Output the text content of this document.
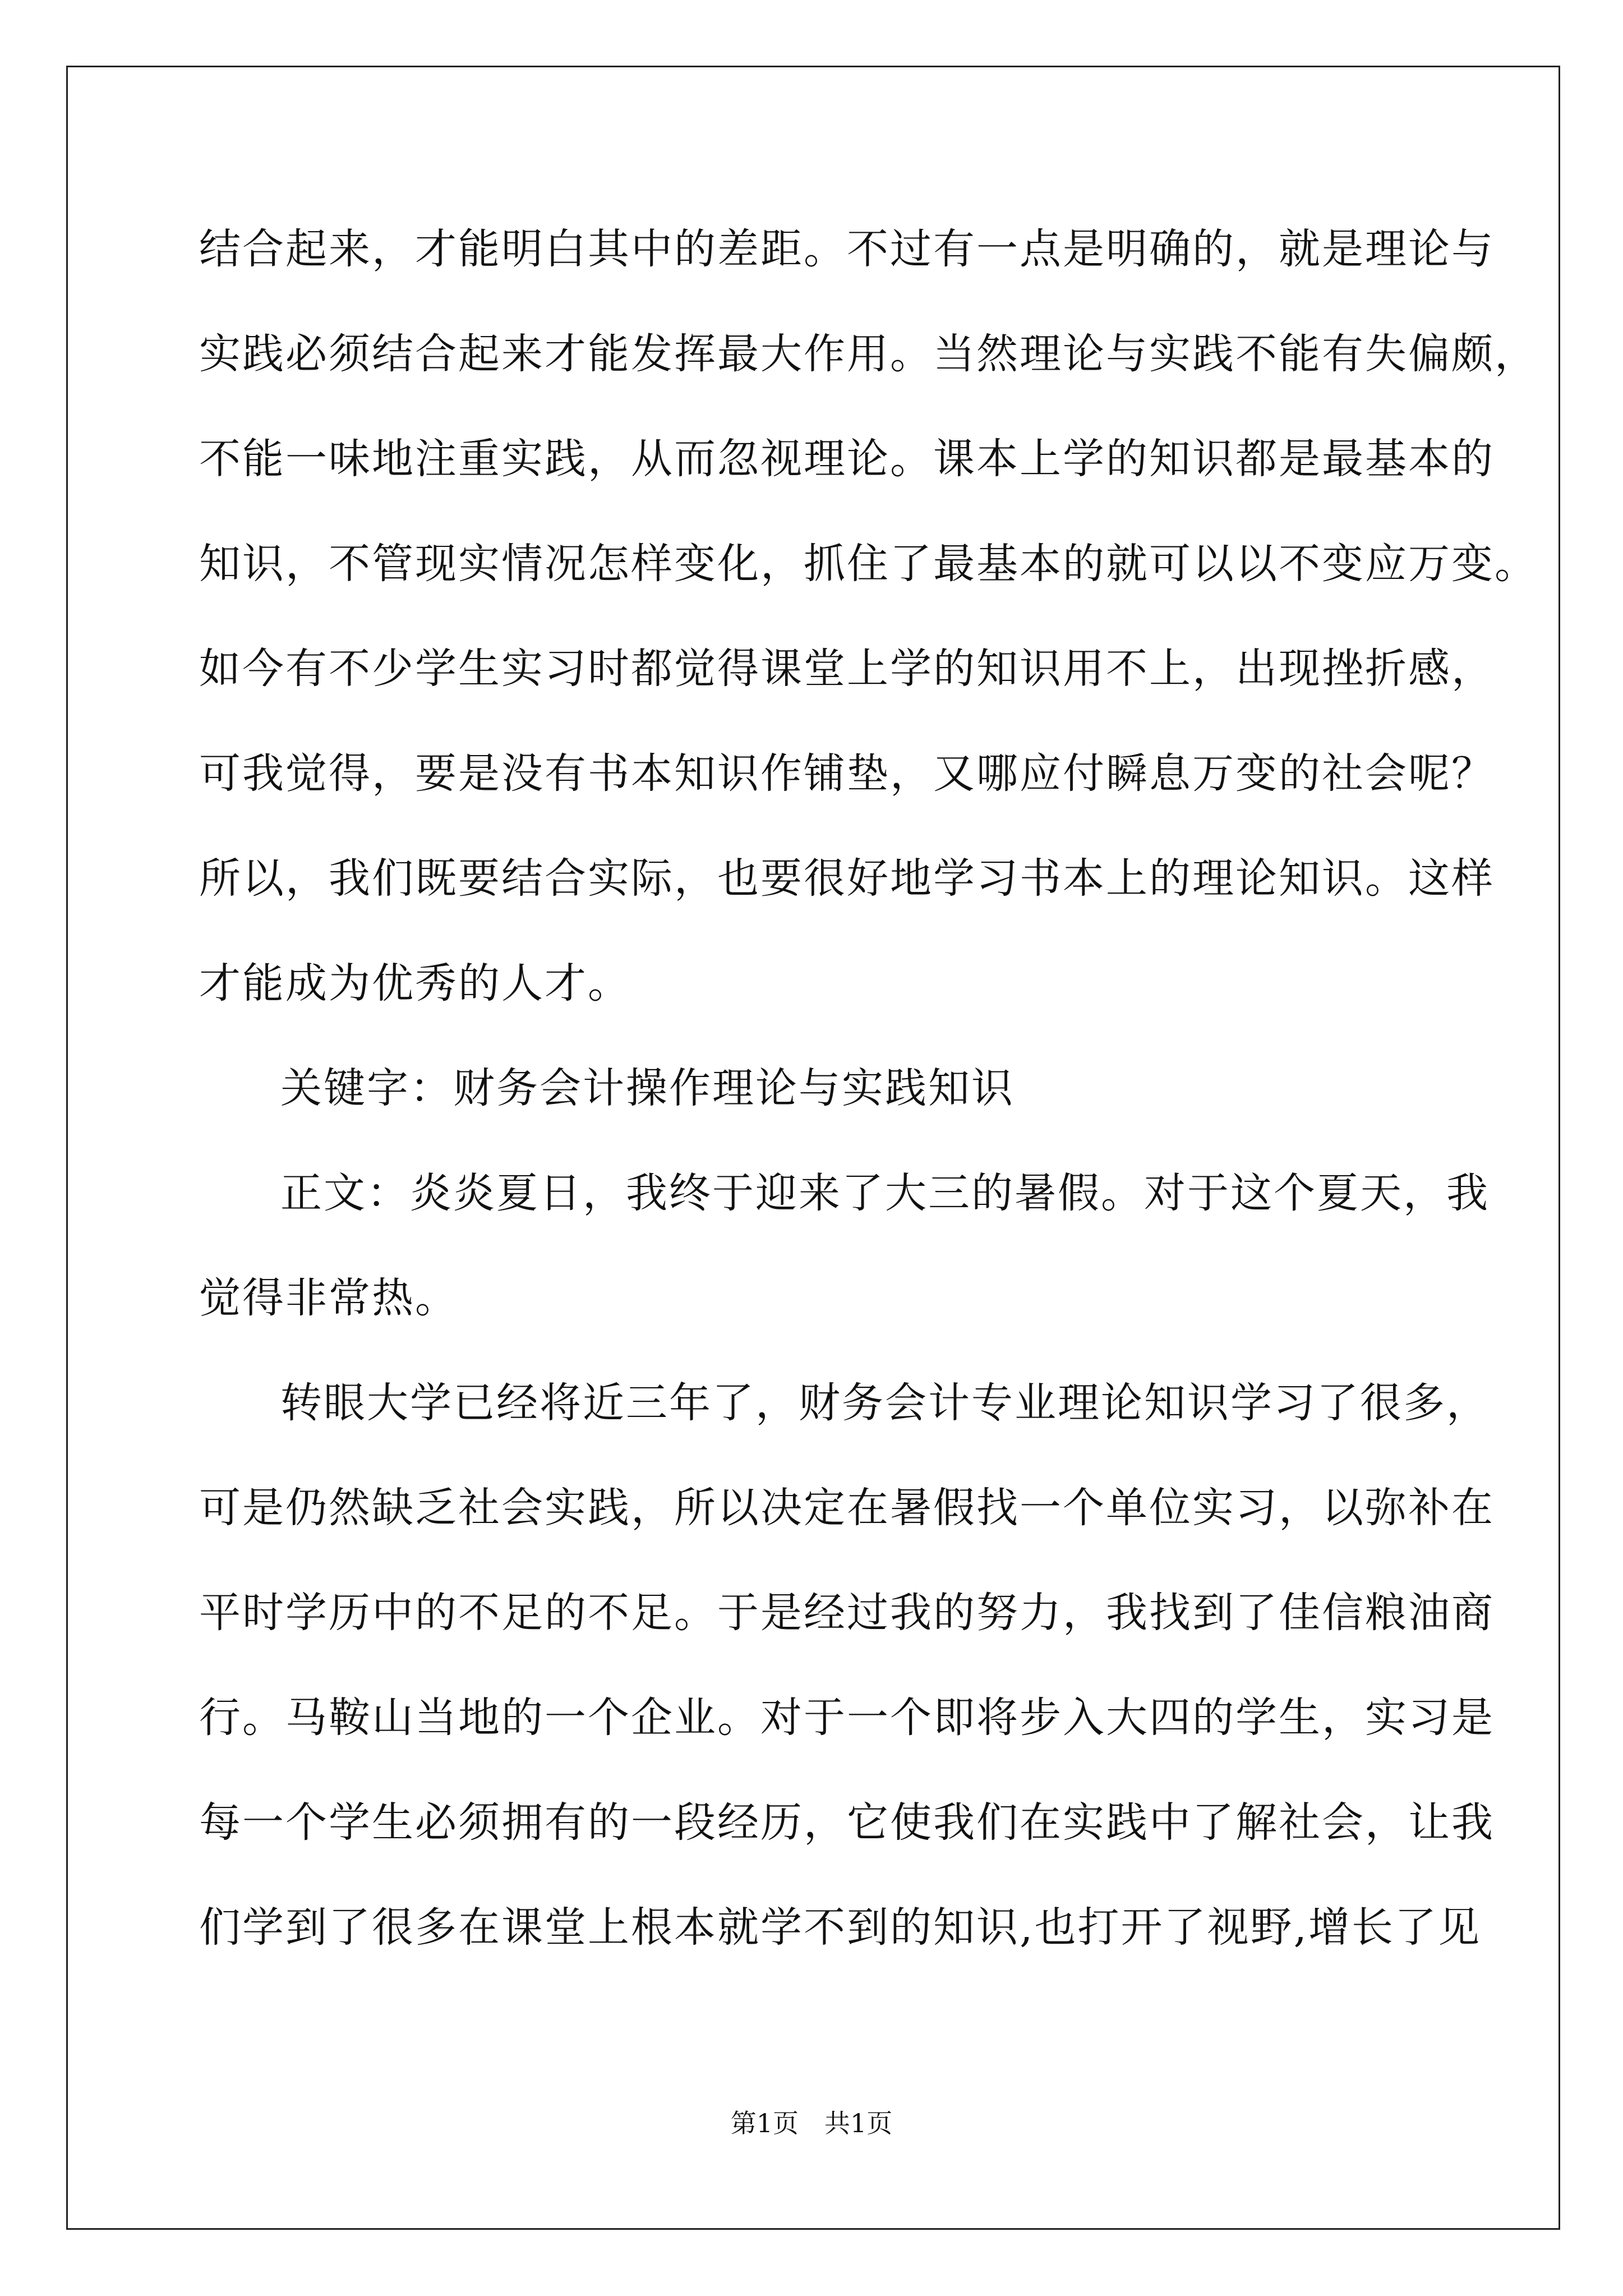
结合起来，才能明白其中的差距。不过有一点是明确的，就是理论与
实践必须结合起来才能发挥最大作用。当然理论与实践不能有失偏颇，
不能一味地注重实践，从而忽视理论。课本上学的知识都是最基本的
知识，不管现实情况怎样变化，抓住了最基本的就可以以不变应万变。
如今有不少学生实习时都觉得课堂上学的知识用不上，出现挫折感，
可我觉得，要是没有书本知识作铺垫，又哪应付瞬息万变的社会呢？
所以，我们既要结合实际，也要很好地学习书本上的理论知识。这样
才能成为优秀的人才。
关键字：财务会计操作理论与实践知识
正文：炎炎夏日，我终于迎来了大三的暑假。对于这个夏天，我
觉得非常热。
转眼大学已经将近三年了，财务会计专业理论知识学习了很多，
可是仍然缺乏社会实践，所以决定在暑假找一个单位实习，以弥补在
平时学历中的不足的不足。于是经过我的努力，我找到了佳信粮油商
行。马鞍山当地的一个企业。对于一个即将步入大四的学生，实习是
每一个学生必须拥有的一段经历，它使我们在实践中了解社会，让我
们学到了很多在课堂上根本就学不到的知识,也打开了视野,增长了见
第1页　共1页
